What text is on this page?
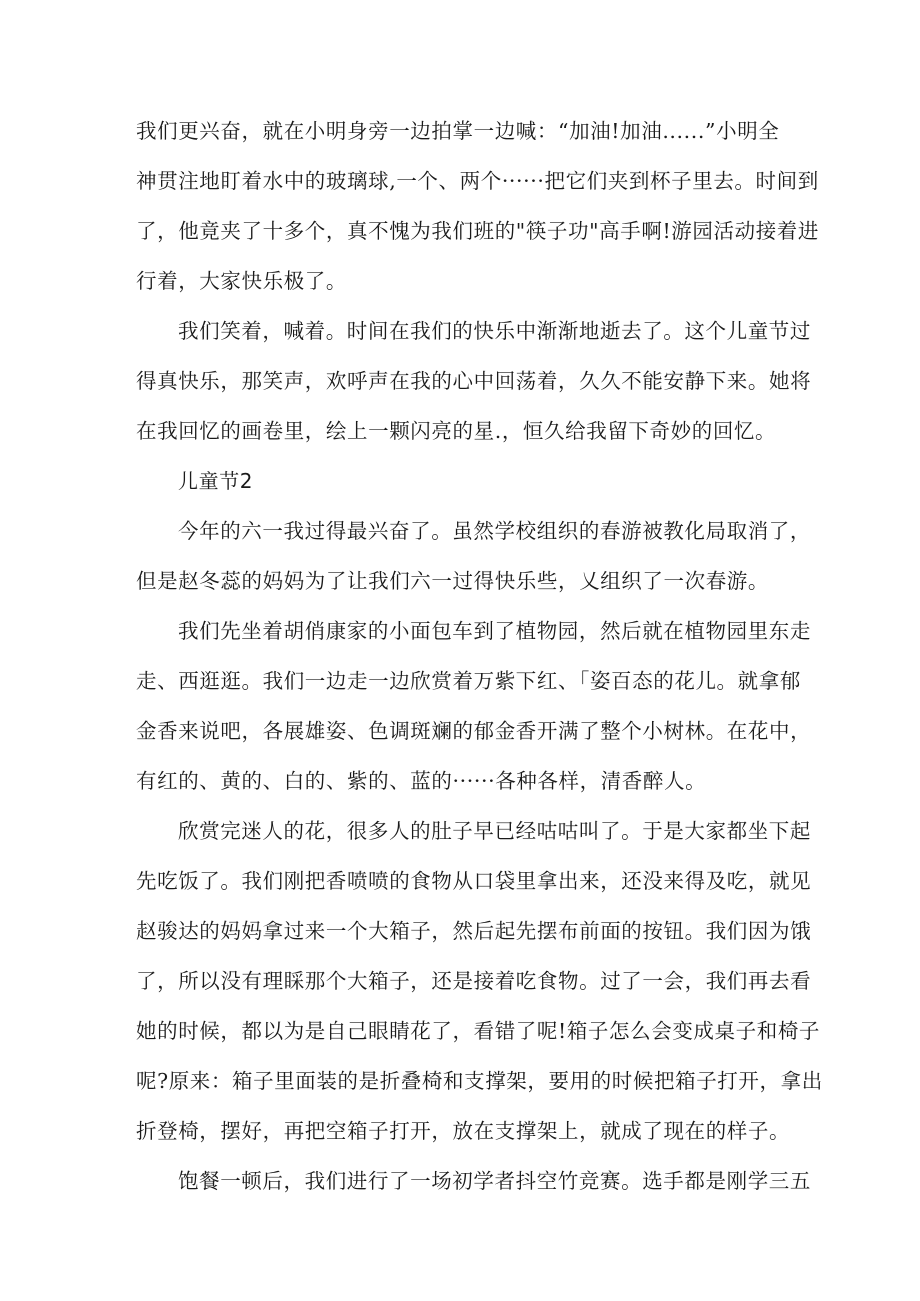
我们更兴奋，就在小明身旁一边拍掌一边喊：“加油!加油......”小明全
神贯注地盯着水中的玻璃球,一个、两个······把它们夹到杯子里去。时间到
了，他竟夹了十多个，真不愧为我们班的"筷子功"高手啊!游园活动接着进
行着，大家快乐极了。
我们笑着，喊着。时间在我们的快乐中渐渐地逝去了。这个儿童节过
得真快乐，那笑声，欢呼声在我的心中回荡着，久久不能安静下来。她将
在我回忆的画卷里，绘上一颗闪亮的星.，恒久给我留下奇妙的回忆。
儿童节2
今年的六一我过得最兴奋了。虽然学校组织的春游被教化局取消了，
但是赵冬蕊的妈妈为了让我们六一过得快乐些，乂组织了一次春游。
我们先坐着胡俏康家的小面包车到了植物园，然后就在植物园里东走
走、西逛逛。我们一边走一边欣赏着万紫下红、「姿百态的花儿。就拿郁
金香来说吧，各展雄姿、色调斑斓的郁金香开满了整个小树林。在花中，
有红的、黄的、白的、紫的、蓝的······各种各样，清香醉人。
欣赏完迷人的花，很多人的肚子早已经咕咕叫了。于是大家都坐下起
先吃饭了。我们刚把香喷喷的食物从口袋里拿出来，还没来得及吃，就见
赵骏达的妈妈拿过来一个大箱子，然后起先摆布前面的按钮。我们因为饿
了，所以没有理睬那个大箱子，还是接着吃食物。过了一会，我们再去看
她的时候，都以为是自己眼睛花了，看错了呢!箱子怎么会变成桌子和椅子
呢?原来：箱子里面装的是折叠椅和支撑架，要用的时候把箱子打开，拿出
折登椅，摆好，再把空箱子打开，放在支撑架上，就成了现在的样子。
饱餐一顿后，我们进行了一场初学者抖空竹竞赛。选手都是刚学三五
